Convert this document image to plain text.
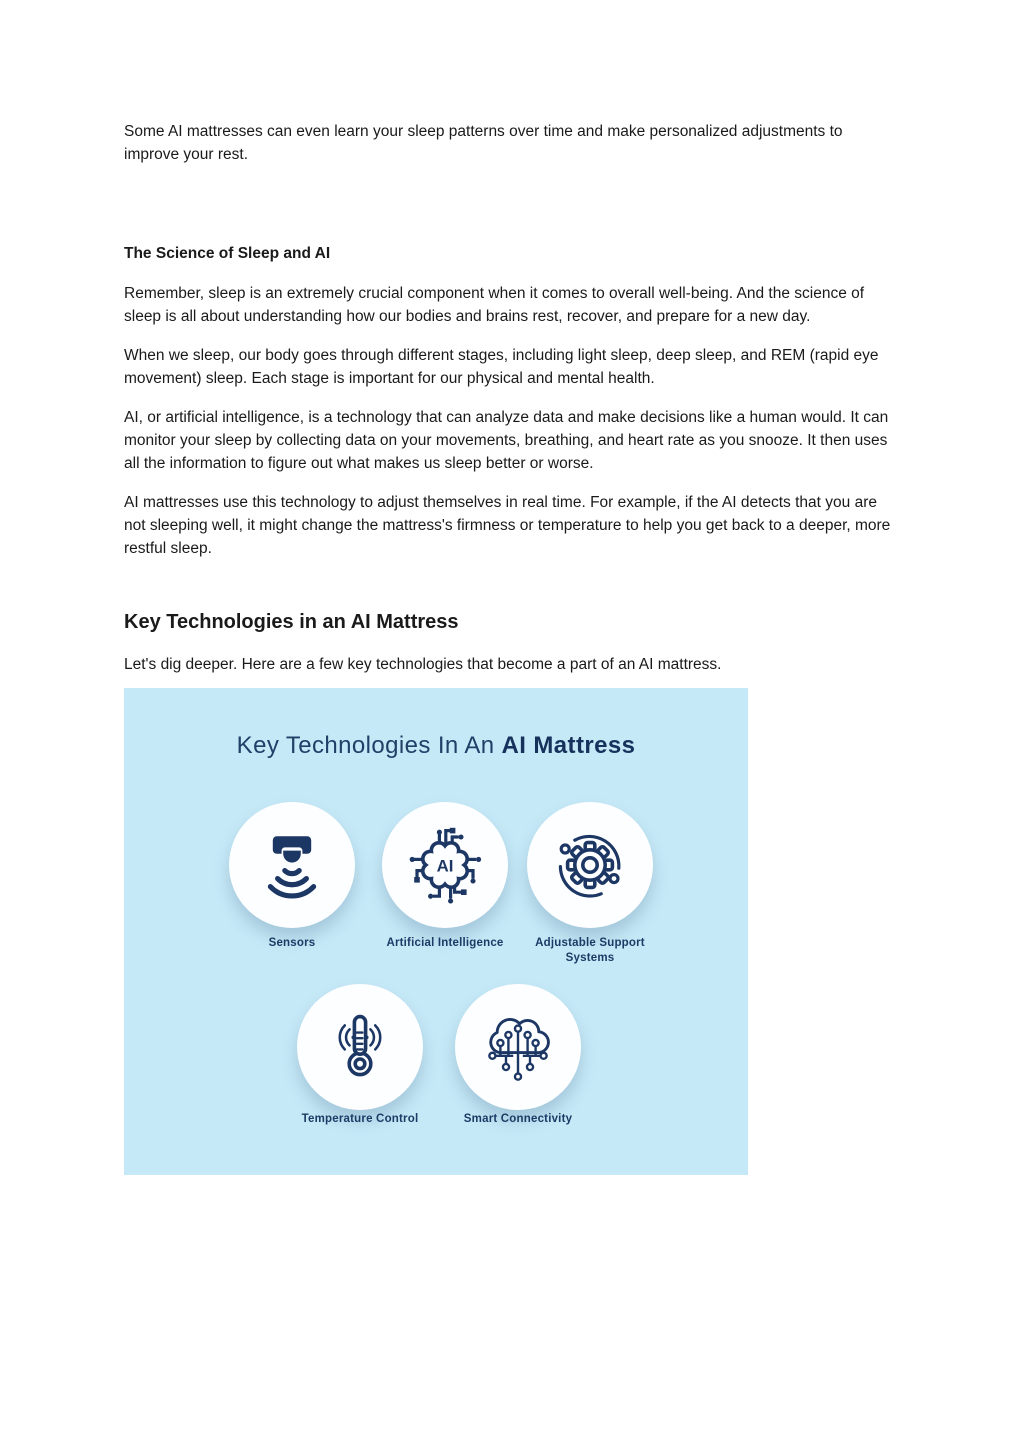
Some AI mattresses can even learn your sleep patterns over time and make personalized adjustments to improve your rest.

The Science of Sleep and AI

Remember, sleep is an extremely crucial component when it comes to overall well-being. And the science of sleep is all about understanding how our bodies and brains rest, recover, and prepare for a new day.

When we sleep, our body goes through different stages, including light sleep, deep sleep, and REM (rapid eye movement) sleep. Each stage is important for our physical and mental health.

AI, or artificial intelligence, is a technology that can analyze data and make decisions like a human would. It can monitor your sleep by collecting data on your movements, breathing, and heart rate as you snooze. It then uses all the information to figure out what makes us sleep better or worse.

AI mattresses use this technology to adjust themselves in real time. For example, if the AI detects that you are not sleeping well, it might change the mattress's firmness or temperature to help you get back to a deeper, more restful sleep.

Key Technologies in an AI Mattress

Let's dig deeper. Here are a few key technologies that become a part of an AI mattress.

Key Technologies In An AI Mattress
AI
Sensors	Artificial Intelligence	Adjustable Support Systems
Temperature Control	Smart Connectivity
